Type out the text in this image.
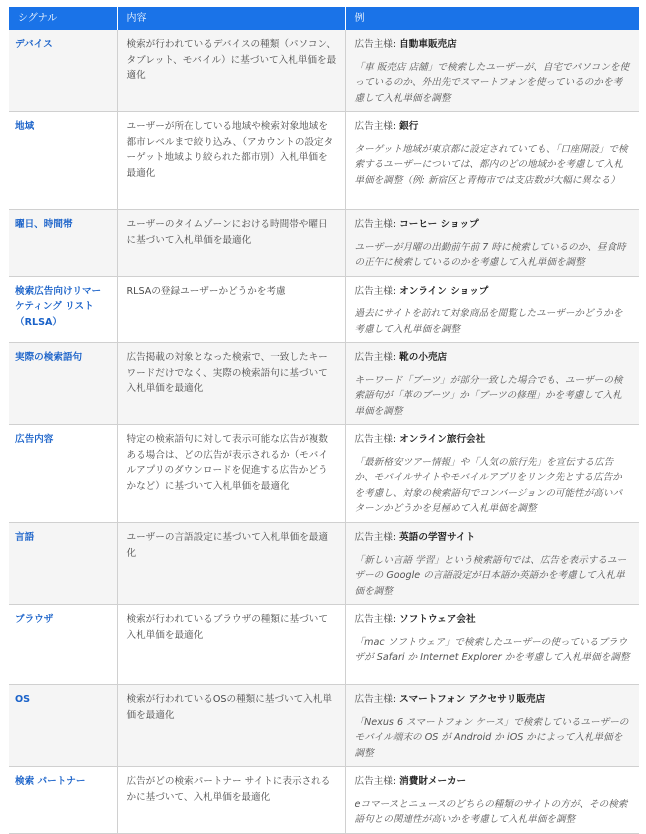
シグナル	内容	例
デバイス	検索が行われているデバイスの種類（パソコン、タブレット、モバイル）に基づいて入札単価を最適化	広告主様: 自動車販売店
「車 販売店 店舗」で検索したユーザーが、自宅でパソコンを使っているのか、外出先でスマートフォンを使っているのかを考慮して入札単価を調整

地域	ユーザーが所在している地域や検索対象地域を都市レベルまで絞り込み、（アカウントの設定ターゲット地域より絞られた都市別）入札単価を最適化	広告主様: 銀行
ターゲット地域が東京都に設定されていても、「口座開設」で検索するユーザーについては、都内のどの地域かを考慮して入札単価を調整（例: 新宿区と青梅市では支店数が大幅に異なる）

曜日、時間帯	ユーザーのタイムゾーンにおける時間帯や曜日に基づいて入札単価を最適化	広告主様: コーヒー ショップ
ユーザーが月曜の出勤前午前 7 時に検索しているのか、昼食時の正午に検索しているのかを考慮して入札単価を調整

検索広告向けリマーケティング リスト（RLSA）	RLSAの登録ユーザーかどうかを考慮	広告主様: オンライン ショップ
過去にサイトを訪れて対象商品を閲覧したユーザーかどうかを考慮して入札単価を調整

実際の検索語句	広告掲載の対象となった検索で、一致したキーワードだけでなく、実際の検索語句に基づいて入札単価を最適化	広告主様: 靴の小売店
キーワード「ブーツ」が部分一致した場合でも、ユーザーの検索語句が「革のブーツ」か「ブーツの修理」かを考慮して入札単価を調整

広告内容	特定の検索語句に対して表示可能な広告が複数ある場合は、どの広告が表示されるか（モバイルアプリのダウンロードを促進する広告かどうかなど）に基づいて入札単価を最適化	広告主様: オンライン旅行会社
「最新格安ツアー情報」や「人気の旅行先」を宣伝する広告か、モバイルサイトやモバイルアプリをリンク先とする広告かを考慮し、対象の検索語句でコンバージョンの可能性が高いパターンかどうかを見極めて入札単価を調整

言語	ユーザーの言語設定に基づいて入札単価を最適化	広告主様: 英語の学習サイト
「新しい言語 学習」という検索語句では、広告を表示するユーザーの Google の言語設定が日本語か英語かを考慮して入札単価を調整

ブラウザ	検索が行われているブラウザの種類に基づいて入札単価を最適化	広告主様: ソフトウェア会社
「mac ソフトウェア」で検索したユーザーの使っているブラウザが Safari か Internet Explorer かを考慮して入札単価を調整

OS	検索が行われているOSの種類に基づいて入札単価を最適化	広告主様: スマートフォン アクセサリ販売店
「Nexus 6 スマートフォン ケース」で検索しているユーザーのモバイル端末の OS が Android か iOS かによって入札単価を調整

検索 パートナー	広告がどの検索パートナー サイトに表示されるかに基づいて、入札単価を最適化	広告主様: 消費財メーカー
eコマースとニュースのどちらの種類のサイトの方が、その検索語句との関連性が高いかを考慮して入札単価を調整
